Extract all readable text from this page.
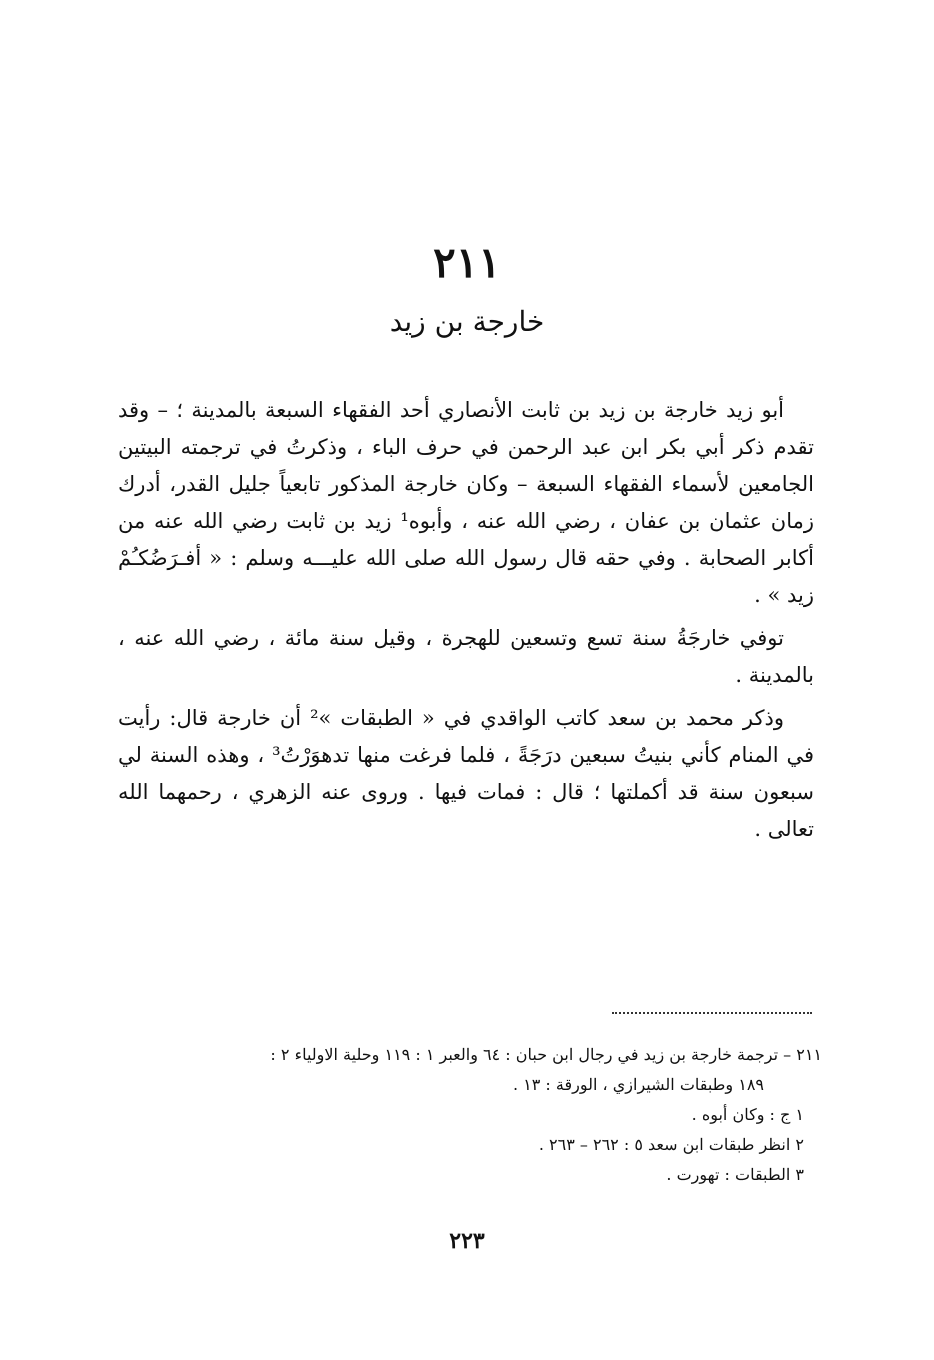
٢١١
خارجة بن زيد

أبو زيد خارجة بن زيد بن ثابت الأنصاري أحد الفقهاء السبعة بالمدينة ؛ – وقد تقدم ذكر أبي بكر ابن عبد الرحمن في حرف الباء ، وذكرتُ في ترجمته البيتين الجامعين لأسماء الفقهاء السبعة – وكان خارجة المذكور تابعياً جليل القدر، أدرك زمان عثمان بن عفان ، رضي الله عنه ، وأبوه¹ زيد بن ثابت رضي الله عنه من أكابر الصحابة . وفي حقه قال رسول الله صلى الله عليـــه وسلم : « أفـرَضُكـُمْ زيد » .

توفي خارجَةُ سنة تسع وتسعين للهجرة ، وقيل سنة مائة ، رضي الله عنه ، بالمدينة .

وذكر محمد بن سعد كاتب الواقدي في « الطبقات »² أن خارجة قال: رأيت في المنام كأني بنيتُ سبعين درَجَةً ، فلما فرغت منها تدهوَرْتُ³ ، وهذه السنة لي سبعون سنة قد أكملتها ؛ قال : فمات فيها . وروى عنه الزهري ، رحمهما الله تعالى .

٢١١ – ترجمة خارجة بن زيد في رجال ابن حبان : ٦٤ والعبر ١ : ١١٩ وحلية الاولياء ٢ :

١٨٩ وطبقات الشيرازي ، الورقة : ١٣ .

١ ج : وكان أبوه .

٢ انظر طبقات ابن سعد ٥ : ٢٦٢ – ٢٦٣ .

٣ الطبقات : تهورت .

٢٢٣
